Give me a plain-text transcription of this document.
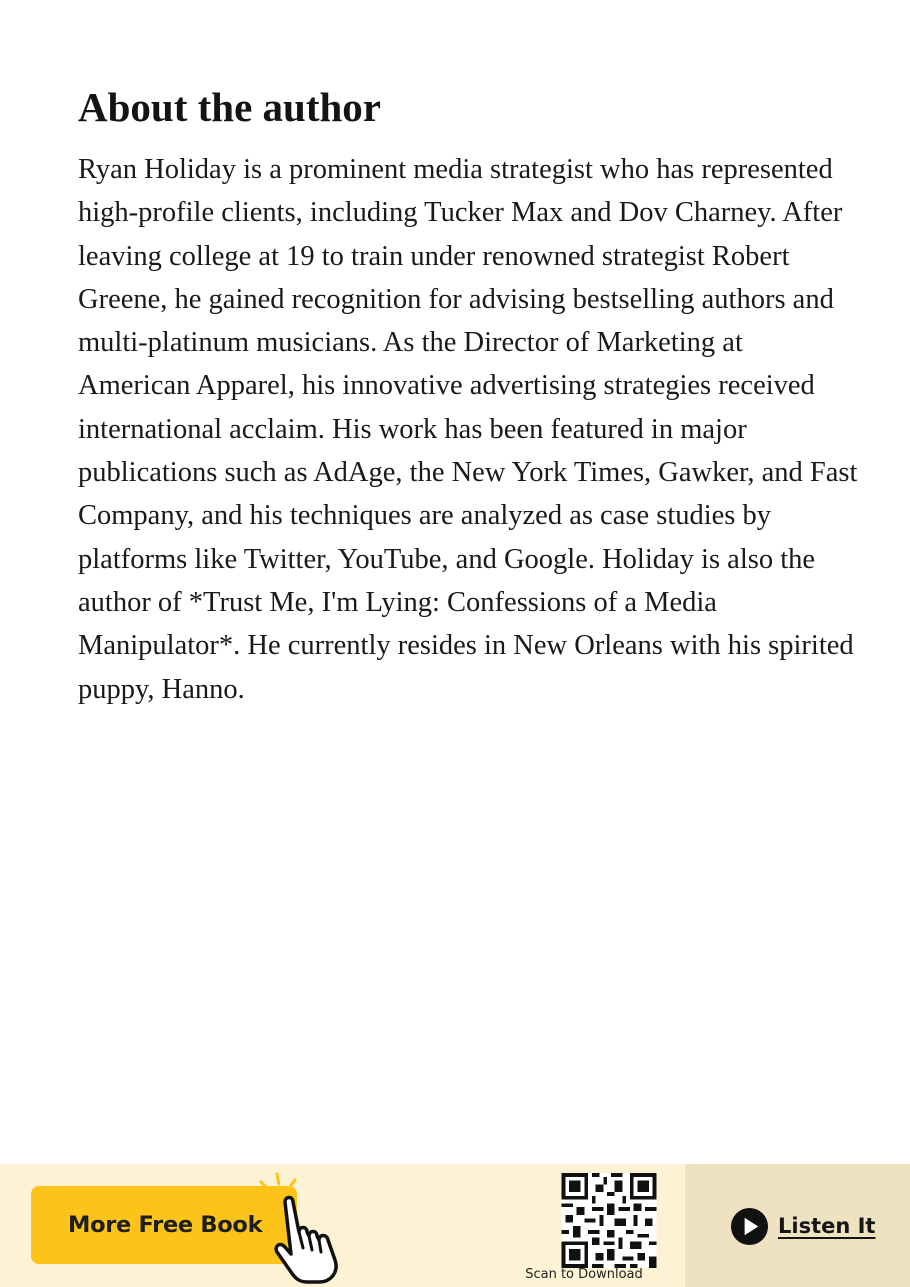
About the author

Ryan Holiday is a prominent media strategist who has represented high-profile clients, including Tucker Max and Dov Charney. After leaving college at 19 to train under renowned strategist Robert Greene, he gained recognition for advising bestselling authors and multi-platinum musicians. As the Director of Marketing at American Apparel, his innovative advertising strategies received international acclaim. His work has been featured in major publications such as AdAge, the New York Times, Gawker, and Fast Company, and his techniques are analyzed as case studies by platforms like Twitter, YouTube, and Google. Holiday is also the author of *Trust Me, I'm Lying: Confessions of a Media Manipulator*. He currently resides in New Orleans with his spirited puppy, Hanno.

More Free Book
Scan to Download
Listen It
